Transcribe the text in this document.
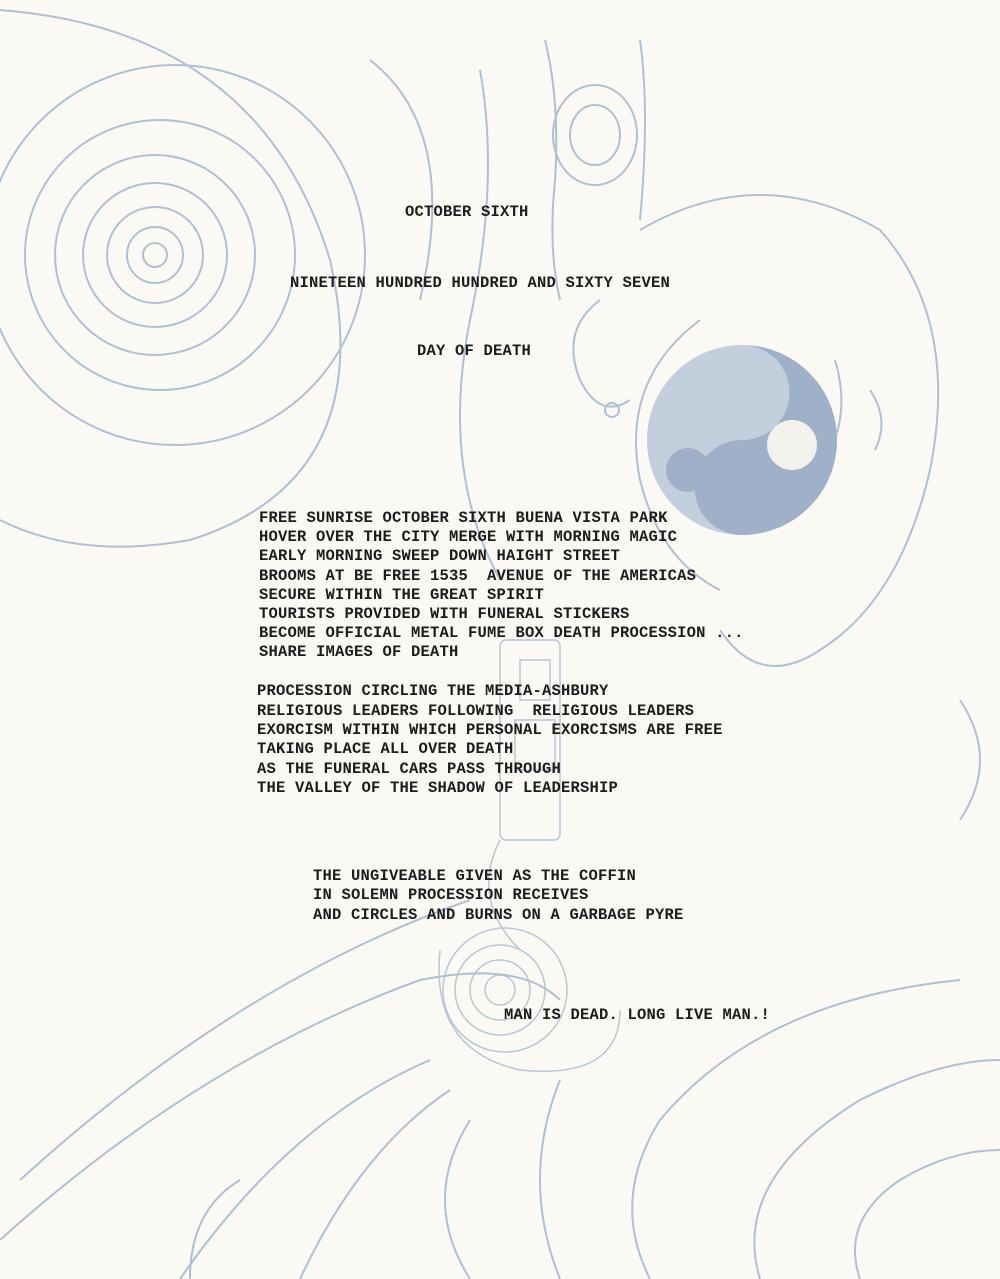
OCTOBER SIXTH

NINETEEN HUNDRED HUNDRED AND SIXTY SEVEN

DAY OF DEATH

FREE SUNRISE OCTOBER SIXTH BUENA VISTA PARK

HOVER OVER THE CITY MERGE WITH MORNING MAGIC

EARLY MORNING SWEEP DOWN HAIGHT STREET

BROOMS AT BE FREE 1535  AVENUE OF THE AMERICAS

SECURE WITHIN THE GREAT SPIRIT

TOURISTS PROVIDED WITH FUNERAL STICKERS

BECOME OFFICIAL METAL FUME BOX DEATH PROCESSION ...

SHARE IMAGES OF DEATH

PROCESSION CIRCLING THE MEDIA-ASHBURY

RELIGIOUS LEADERS FOLLOWING  RELIGIOUS LEADERS

EXORCISM WITHIN WHICH PERSONAL EXORCISMS ARE FREE

TAKING PLACE ALL OVER DEATH

AS THE FUNERAL CARS PASS THROUGH

THE VALLEY OF THE SHADOW OF LEADERSHIP

THE UNGIVEABLE GIVEN AS THE COFFIN

IN SOLEMN PROCESSION RECEIVES

AND CIRCLES AND BURNS ON A GARBAGE PYRE

MAN IS DEAD. LONG LIVE MAN.!
